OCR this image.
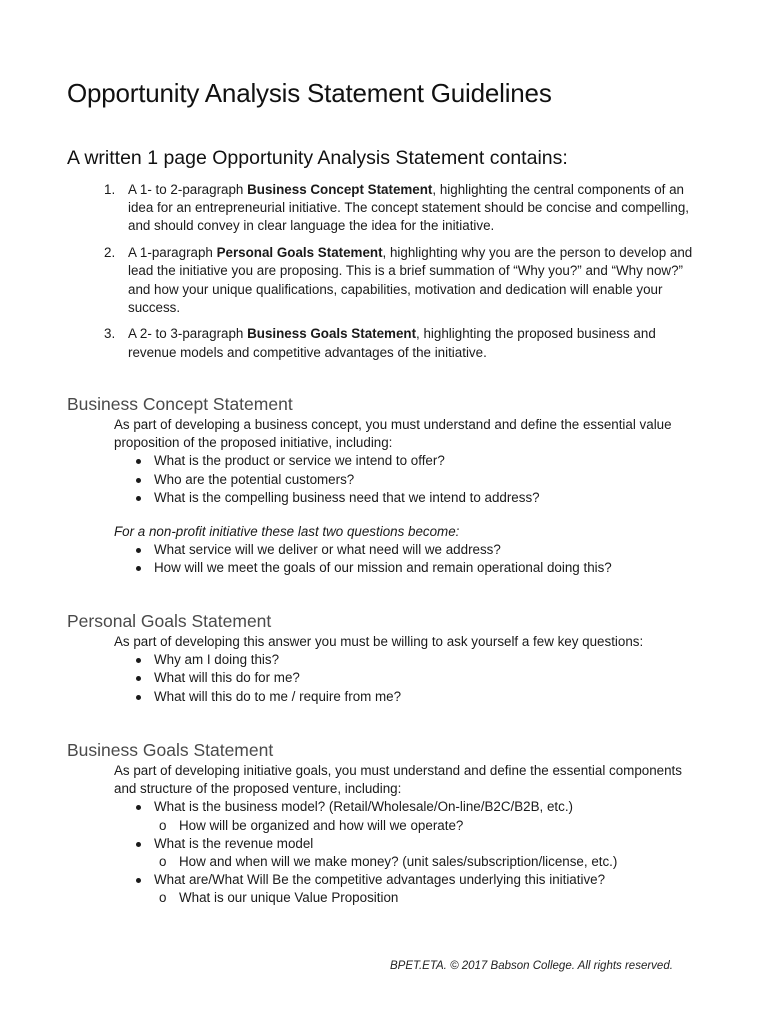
Opportunity Analysis Statement Guidelines
A written 1 page Opportunity Analysis Statement contains:
1. A 1- to 2-paragraph Business Concept Statement, highlighting the central components of an idea for an entrepreneurial initiative. The concept statement should be concise and compelling, and should convey in clear language the idea for the initiative.
2. A 1-paragraph Personal Goals Statement, highlighting why you are the person to develop and lead the initiative you are proposing. This is a brief summation of “Why you?” and “Why now?” and how your unique qualifications, capabilities, motivation and dedication will enable your success.
3. A 2- to 3-paragraph Business Goals Statement, highlighting the proposed business and revenue models and competitive advantages of the initiative.
Business Concept Statement

As part of developing a business concept, you must understand and define the essential value proposition of the proposed initiative, including:

What is the product or service we intend to offer?
Who are the potential customers?
What is the compelling business need that we intend to address?

For a non-profit initiative these last two questions become:

What service will we deliver or what need will we address?
How will we meet the goals of our mission and remain operational doing this?
Personal Goals Statement

As part of developing this answer you must be willing to ask yourself a few key questions:

Why am I doing this?
What will this do for me?
What will this do to me / require from me?
Business Goals Statement

As part of developing initiative goals, you must understand and define the essential components and structure of the proposed venture, including:

What is the business model? (Retail/Wholesale/On-line/B2C/B2B, etc.)
o How will be organized and how will we operate?
What is the revenue model
o How and when will we make money? (unit sales/subscription/license, etc.)
What are/What Will Be the competitive advantages underlying this initiative?
o What is our unique Value Proposition
BPET.ETA. © 2017 Babson College. All rights reserved.
